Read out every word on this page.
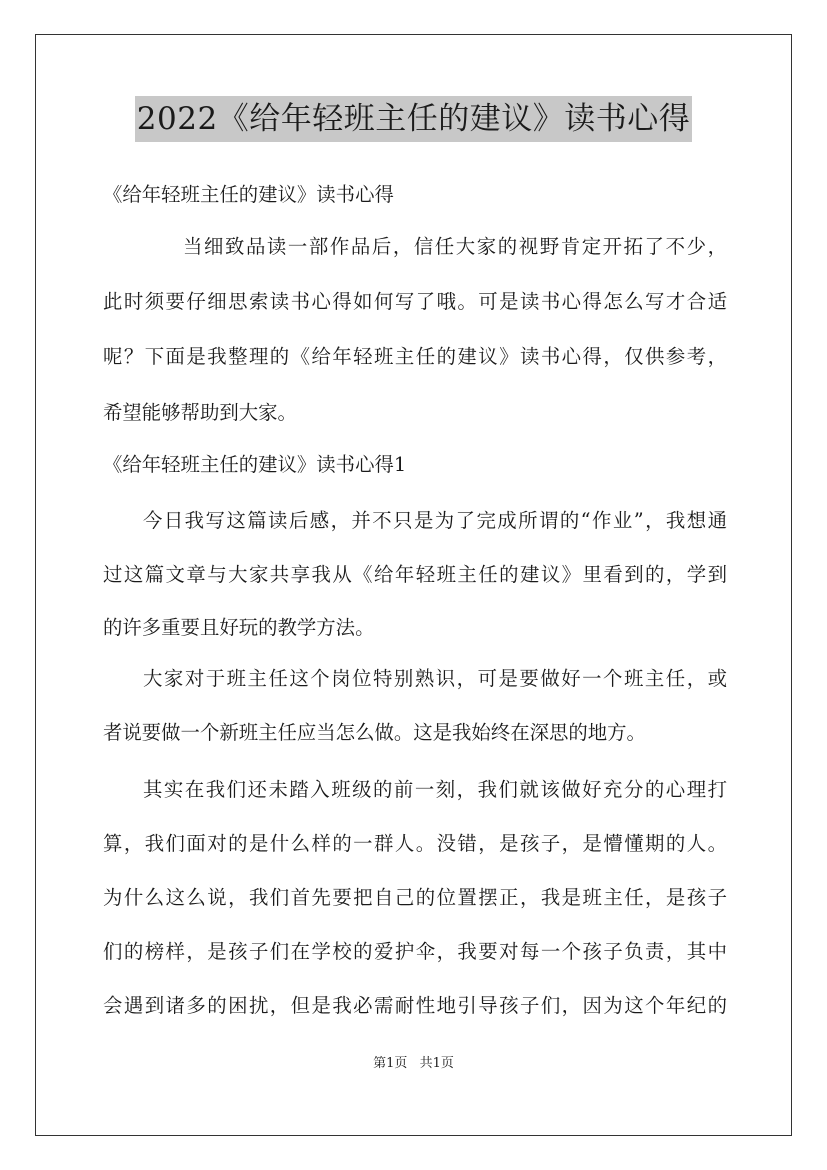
2022《给年轻班主任的建议》读书心得
《给年轻班主任的建议》读书心得
当细致品读一部作品后，信任大家的视野肯定开拓了不少，
此时须要仔细思索读书心得如何写了哦。可是读书心得怎么写才合适
呢？下面是我整理的《给年轻班主任的建议》读书心得，仅供参考，
希望能够帮助到大家。
《给年轻班主任的建议》读书心得1
今日我写这篇读后感，并不只是为了完成所谓的“作业”，我想通
过这篇文章与大家共享我从《给年轻班主任的建议》里看到的，学到
的许多重要且好玩的教学方法。
大家对于班主任这个岗位特别熟识，可是要做好一个班主任，或
者说要做一个新班主任应当怎么做。这是我始终在深思的地方。
其实在我们还未踏入班级的前一刻，我们就该做好充分的心理打
算，我们面对的是什么样的一群人。没错，是孩子，是懵懂期的人。
为什么这么说，我们首先要把自己的位置摆正，我是班主任，是孩子
们的榜样，是孩子们在学校的爱护伞，我要对每一个孩子负责，其中
会遇到诸多的困扰，但是我必需耐性地引导孩子们，因为这个年纪的
第1页 共1页
